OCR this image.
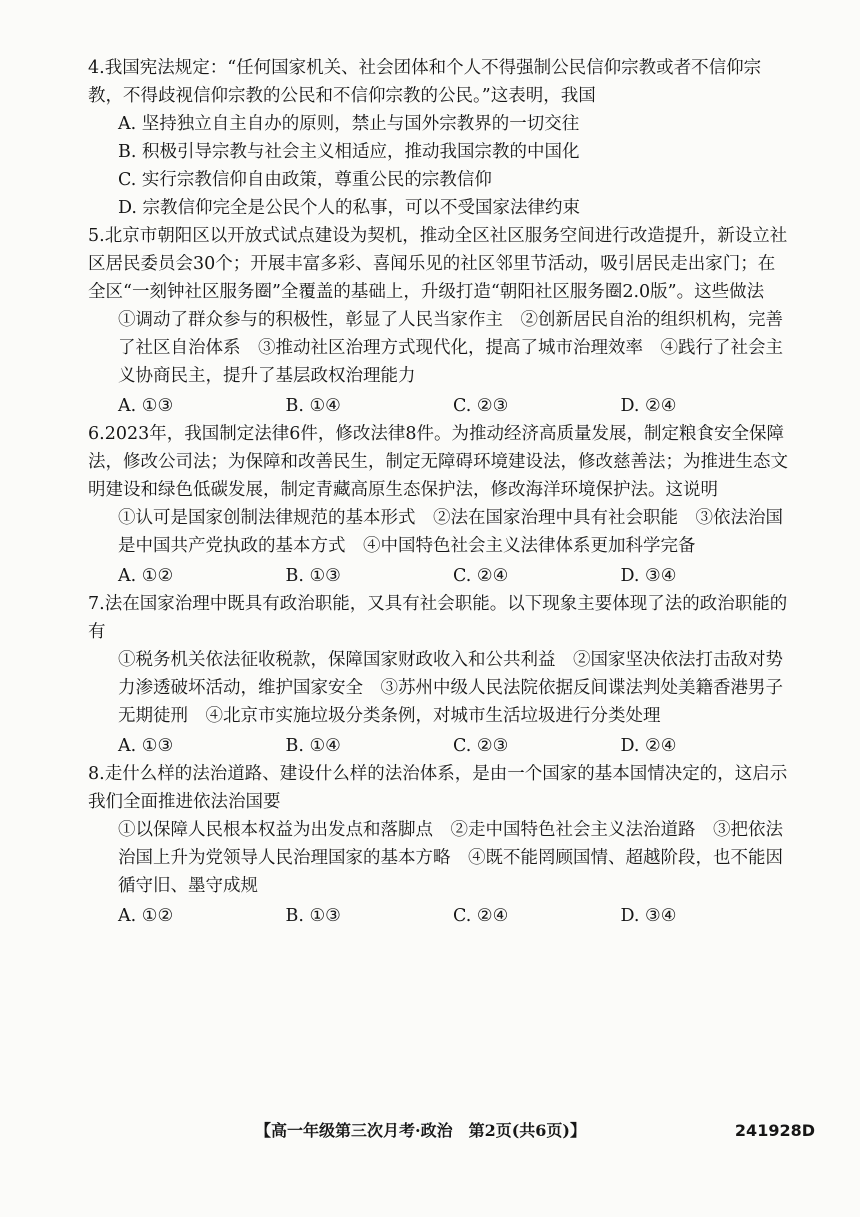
4.我国宪法规定：“任何国家机关、社会团体和个人不得强制公民信仰宗教或者不信仰宗教，不得歧视信仰宗教的公民和不信仰宗教的公民。”这表明，我国

A. 坚持独立自主自办的原则，禁止与国外宗教界的一切交往

B. 积极引导宗教与社会主义相适应，推动我国宗教的中国化

C. 实行宗教信仰自由政策，尊重公民的宗教信仰

D. 宗教信仰完全是公民个人的私事，可以不受国家法律约束

5.北京市朝阳区以开放式试点建设为契机，推动全区社区服务空间进行改造提升，新设立社区居民委员会30个；开展丰富多彩、喜闻乐见的社区邻里节活动，吸引居民走出家门；在全区“一刻钟社区服务圈”全覆盖的基础上，升级打造“朝阳社区服务圈2.0版”。这些做法

①调动了群众参与的积极性，彰显了人民当家作主　②创新居民自治的组织机构，完善了社区自治体系　③推动社区治理方式现代化，提高了城市治理效率　④践行了社会主义协商民主，提升了基层政权治理能力

A. ①③	B. ①④	C. ②③	D. ②④

6.2023年，我国制定法律6件，修改法律8件。为推动经济高质量发展，制定粮食安全保障法，修改公司法；为保障和改善民生，制定无障碍环境建设法，修改慈善法；为推进生态文明建设和绿色低碳发展，制定青藏高原生态保护法，修改海洋环境保护法。这说明

①认可是国家创制法律规范的基本形式　②法在国家治理中具有社会职能　③依法治国是中国共产党执政的基本方式　④中国特色社会主义法律体系更加科学完备

A. ①②	B. ①③	C. ②④	D. ③④

7.法在国家治理中既具有政治职能，又具有社会职能。以下现象主要体现了法的政治职能的有

①税务机关依法征收税款，保障国家财政收入和公共利益　②国家坚决依法打击敌对势力渗透破坏活动，维护国家安全　③苏州中级人民法院依据反间谍法判处美籍香港男子无期徒刑　④北京市实施垃圾分类条例，对城市生活垃圾进行分类处理

A. ①③	B. ①④	C. ②③	D. ②④

8.走什么样的法治道路、建设什么样的法治体系，是由一个国家的基本国情决定的，这启示我们全面推进依法治国要

①以保障人民根本权益为出发点和落脚点　②走中国特色社会主义法治道路　③把依法治国上升为党领导人民治理国家的基本方略　④既不能罔顾国情、超越阶段，也不能因循守旧、墨守成规

A. ①②	B. ①③	C. ②④	D. ③④
【高一年级第三次月考·政治　第2页(共6页)】	241928D
